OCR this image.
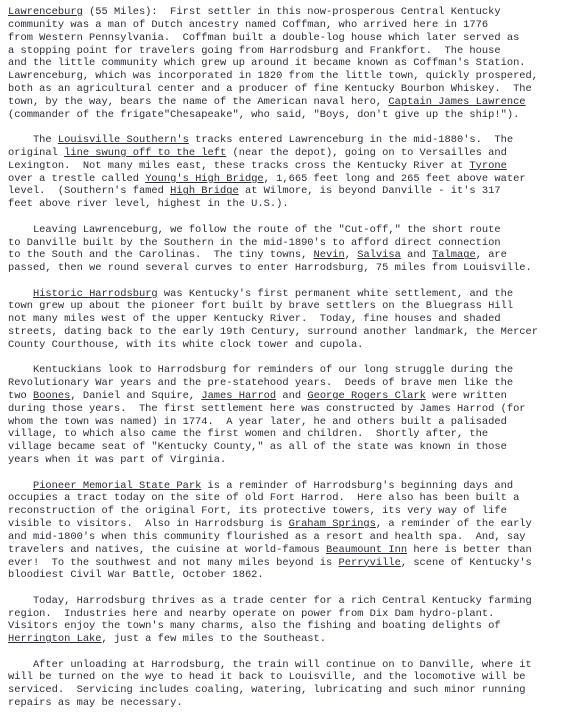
Lawrenceburg (55 Miles):  First settler in this now-prosperous Central Kentucky
community was a man of Dutch ancestry named Coffman, who arrived here in 1776
from Western Pennsylvania.  Coffman built a double-log house which later served as
a stopping point for travelers going from Harrodsburg and Frankfort.  The house
and the little community which grew up around it became known as Coffman's Station.
Lawrenceburg, which was incorporated in 1820 from the little town, quickly prospered,
both as an agricultural center and a producer of fine Kentucky Bourbon Whiskey.  The
town, by the way, bears the name of the American naval hero, Captain James Lawrence
(commander of the frigate"Chesapeake", who said, "Boys, don't give up the ship!").
The Louisville Southern's tracks entered Lawrenceburg in the mid-1880's.  The
original line swung off to the left (near the depot), going on to Versailles and
Lexington.  Not many miles east, these tracks cross the Kentucky River at Tyrone
over a trestle called Young's High Bridge, 1,665 feet long and 265 feet above water
level.  (Southern's famed High Bridge at Wilmore, is beyond Danville - it's 317
feet above river level, highest in the U.S.).
Leaving Lawrenceburg, we follow the route of the "Cut-off," the short route
to Danville built by the Southern in the mid-1890's to afford direct connection
to the South and the Carolinas.  The tiny towns, Nevin, Salvisa and Talmage, are
passed, then we round several curves to enter Harrodsburg, 75 miles from Louisville.
Historic Harrodsburg was Kentucky's first permanent white settlement, and the
town grew up about the pioneer fort built by brave settlers on the Bluegrass Hill
not many miles west of the upper Kentucky River.  Today, fine houses and shaded
streets, dating back to the early 19th Century, surround another landmark, the Mercer
County Courthouse, with its white clock tower and cupola.
Kentuckians look to Harrodsburg for reminders of our long struggle during the
Revolutionary War years and the pre-statehood years.  Deeds of brave men like the
two Boones, Daniel and Squire, James Harrod and George Rogers Clark were written
during those years.  The first settlement here was constructed by James Harrod (for
whom the town was named) in 1774.  A year later, he and others built a palisaded
village, to which also came the first women and children.  Shortly after, the
village became seat of "Kentucky County," as all of the state was known in those
years when it was part of Virginia.
Pioneer Memorial State Park is a reminder of Harrodsburg's beginning days and
occupies a tract today on the site of old Fort Harrod.  Here also has been built a
reconstruction of the original Fort, its protective towers, its very way of life
visible to visitors.  Also in Harrodsburg is Graham Springs, a reminder of the early
and mid-1800's when this community flourished as a resort and health spa.  And, say
travelers and natives, the cuisine at world-famous Beaumount Inn here is better than
ever!  To the southwest and not many miles beyond is Perryville, scene of Kentucky's
bloodiest Civil War Battle, October 1862.
Today, Harrodsburg thrives as a trade center for a rich Central Kentucky farming
region.  Industries here and nearby operate on power from Dix Dam hydro-plant.
Visitors enjoy the town's many charms, also the fishing and boating delights of
Herrington Lake, just a few miles to the Southeast.
After unloading at Harrodsburg, the train will continue on to Danville, where it
will be turned on the wye to head it back to Louisville, and the locomotive will be
serviced.  Servicing includes coaling, watering, lubricating and such minor running
repairs as may be necessary.
